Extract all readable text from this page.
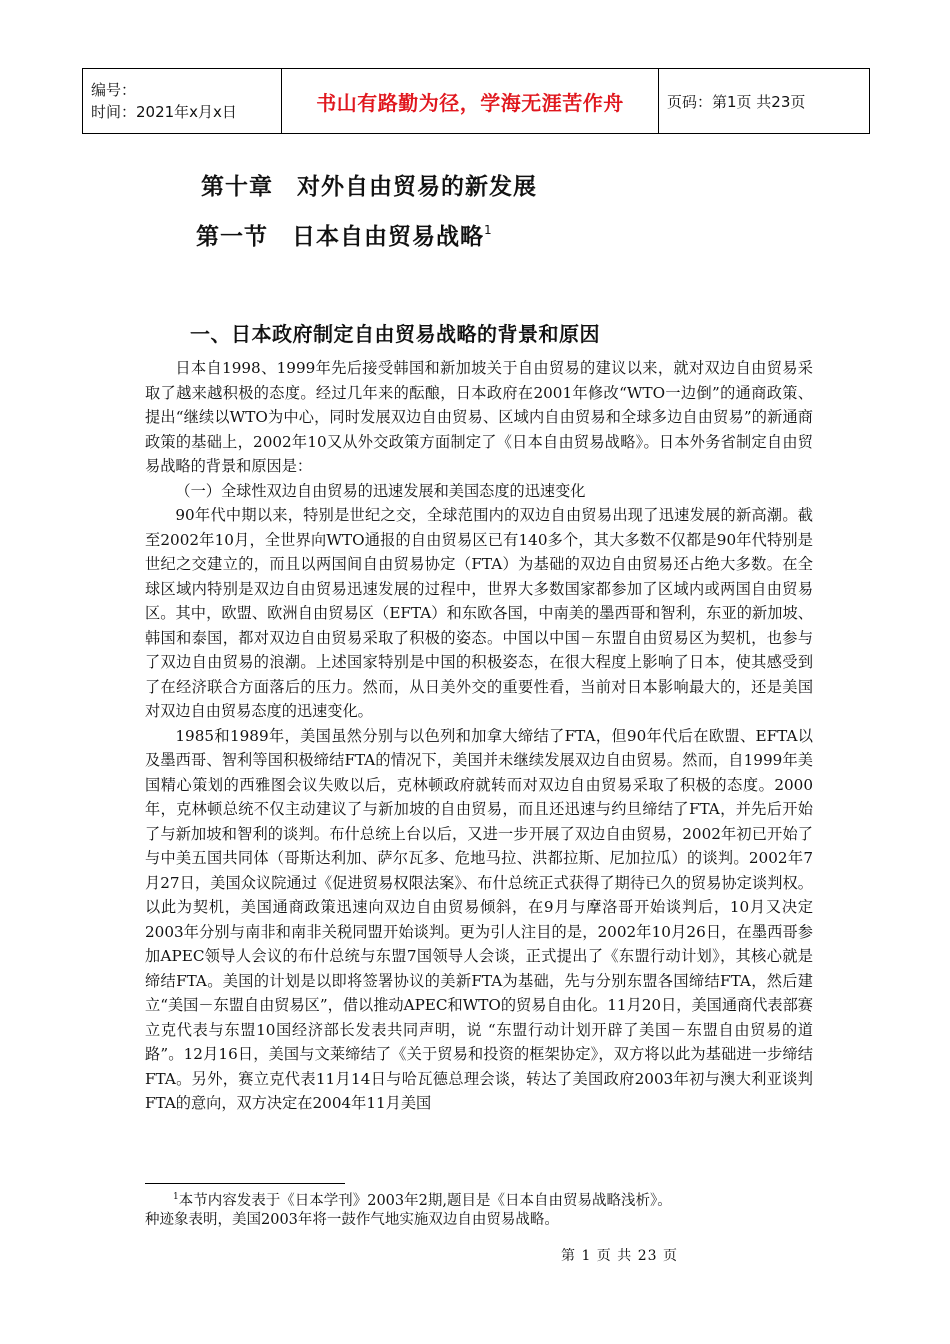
编号：
时间：2021年x月x日	书山有路勤为径，学海无涯苦作舟	页码：第1页 共23页
第十章　对外自由贸易的新发展
第一节　日本自由贸易战略$^1$
一、日本政府制定自由贸易战略的背景和原因

日本自1998、1999年先后接受韩国和新加坡关于自由贸易的建议以来，就对双边自由贸易采取了越来越积极的态度。经过几年来的酝酿，日本政府在2001年修改“WTO一边倒”的通商政策、提出“继续以WTO为中心，同时发展双边自由贸易、区域内自由贸易和全球多边自由贸易”的新通商政策的基础上，2002年10又从外交政策方面制定了《日本自由贸易战略》。日本外务省制定自由贸易战略的背景和原因是：

（一）全球性双边自由贸易的迅速发展和美国态度的迅速变化

90年代中期以来，特别是世纪之交，全球范围内的双边自由贸易出现了迅速发展的新高潮。截至2002年10月，全世界向WTO通报的自由贸易区已有140多个，其大多数不仅都是90年代特别是世纪之交建立的，而且以两国间自由贸易协定（FTA）为基础的双边自由贸易还占绝大多数。在全球区域内特别是双边自由贸易迅速发展的过程中，世界大多数国家都参加了区域内或两国自由贸易区。其中，欧盟、欧洲自由贸易区（EFTA）和东欧各国，中南美的墨西哥和智利，东亚的新加坡、韩国和泰国，都对双边自由贸易采取了积极的姿态。中国以中国－东盟自由贸易区为契机，也参与了双边自由贸易的浪潮。上述国家特别是中国的积极姿态，在很大程度上影响了日本，使其感受到了在经济联合方面落后的压力。然而，从日美外交的重要性看，当前对日本影响最大的，还是美国对双边自由贸易态度的迅速变化。

1985和1989年，美国虽然分别与以色列和加拿大缔结了FTA，但90年代后在欧盟、EFTA以及墨西哥、智利等国积极缔结FTA的情况下，美国并未继续发展双边自由贸易。然而，自1999年美国精心策划的西雅图会议失败以后，克林顿政府就转而对双边自由贸易采取了积极的态度。2000年，克林顿总统不仅主动建议了与新加坡的自由贸易，而且还迅速与约旦缔结了FTA，并先后开始了与新加坡和智利的谈判。布什总统上台以后，又进一步开展了双边自由贸易，2002年初已开始了与中美五国共同体（哥斯达利加、萨尔瓦多、危地马拉、洪都拉斯、尼加拉瓜）的谈判。2002年7月27日，美国众议院通过《促进贸易权限法案》、布什总统正式获得了期待已久的贸易协定谈判权。以此为契机，美国通商政策迅速向双边自由贸易倾斜，在9月与摩洛哥开始谈判后，10月又决定2003年分别与南非和南非关税同盟开始谈判。更为引人注目的是，2002年10月26日，在墨西哥参加APEC领导人会议的布什总统与东盟7国领导人会谈，正式提出了《东盟行动计划》，其核心就是缔结FTA。美国的计划是以即将签署协议的美新FTA为基础，先与分别东盟各国缔结FTA，然后建立“美国－东盟自由贸易区”，借以推动APEC和WTO的贸易自由化。11月20日，美国通商代表部赛立克代表与东盟10国经济部长发表共同声明，说 “东盟行动计划开辟了美国－东盟自由贸易的道路”。12月16日，美国与文莱缔结了《关于贸易和投资的框架协定》，双方将以此为基础进一步缔结FTA。另外，赛立克代表11月14日与哈瓦德总理会谈，转达了美国政府2003年初与澳大利亚谈判FTA的意向，双方决定在2004年11月美国

$^1$本节内容发表于《日本学刊》2003年2期,题目是《日本自由贸易战略浅析》。
种迹象表明，美国2003年将一鼓作气地实施双边自由贸易战略。
第 1 页 共 23 页
